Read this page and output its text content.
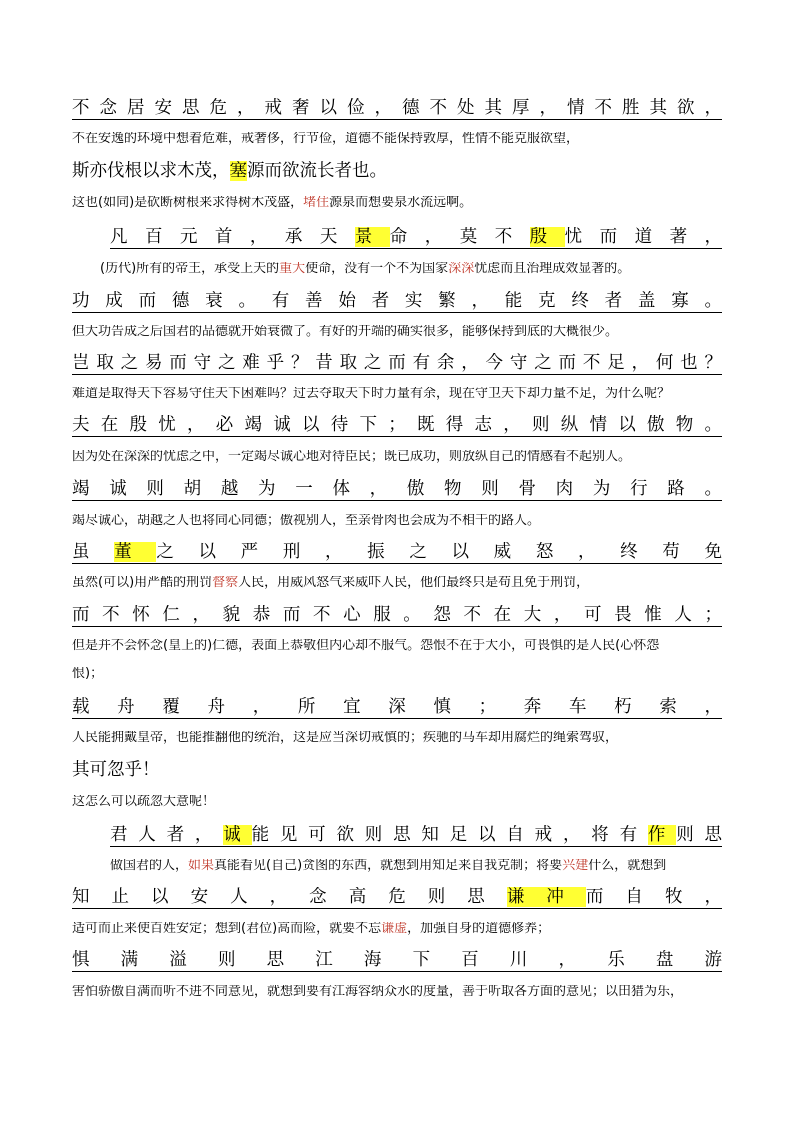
不念居安思危，戒奢以俭，德不处其厚，情不胜其欲，
不在安逸的环境中想着危难，戒奢侈，行节俭，道德不能保持敦厚，性情不能克服欲望，
斯亦伐根以求木茂，塞源而欲流长者也。
这也(如同)是砍断树根来求得树木茂盛，堵住源泉而想要泉水流远啊。
凡百元首，承天景命，莫不殷忧而道著，
(历代)所有的帝王，承受上天的重大使命，没有一个不为国家深深忧虑而且治理成效显著的。
功成而德衰。有善始者实繁，能克终者盖寡。
但大功告成之后国君的品德就开始衰微了。有好的开端的确实很多，能够保持到底的大概很少。
岂取之易而守之难乎？昔取之而有余，今守之而不足，何也？
难道是取得天下容易守住天下困难吗？过去夺取天下时力量有余，现在守卫天下却力量不足，为什么呢？
夫在殷忧，必竭诚以待下；既得志，则纵情以傲物。
因为处在深深的忧虑之中，一定竭尽诚心地对待臣民；既已成功，则放纵自己的情感看不起别人。
竭诚则胡越为一体，傲物则骨肉为行路。
竭尽诚心，胡越之人也将同心同德；傲视别人，至亲骨肉也会成为不相干的路人。
虽董之以严刑，振之以威怒，终苟免
虽然(可以)用严酷的刑罚督察人民，用威风怒气来威吓人民，他们最终只是苟且免于刑罚，
而不怀仁，貌恭而不心服。怨不在大，可畏惟人；
但是并不会怀念(皇上的)仁德，表面上恭敬但内心却不服气。怨恨不在于大小，可畏惧的是人民(心怀怨
恨)；
载舟覆舟，所宜深慎；奔车朽索，
人民能拥戴皇帝，也能推翻他的统治，这是应当深切戒慎的；疾驰的马车却用腐烂的绳索驾驭，
其可忽乎！
这怎么可以疏忽大意呢！
君人者，诚能见可欲则思知足以自戒，将有作则思
做国君的人，如果真能看见(自己)贪图的东西，就想到用知足来自我克制；将要兴建什么，就想到
知止以安人，念高危则思谦冲而自牧，
适可而止来使百姓安定；想到(君位)高而险，就要不忘谦虚，加强自身的道德修养；
惧满溢则思江海下百川，乐盘游
害怕骄傲自满而听不进不同意见，就想到要有江海容纳众水的度量，善于听取各方面的意见；以田猎为乐，
